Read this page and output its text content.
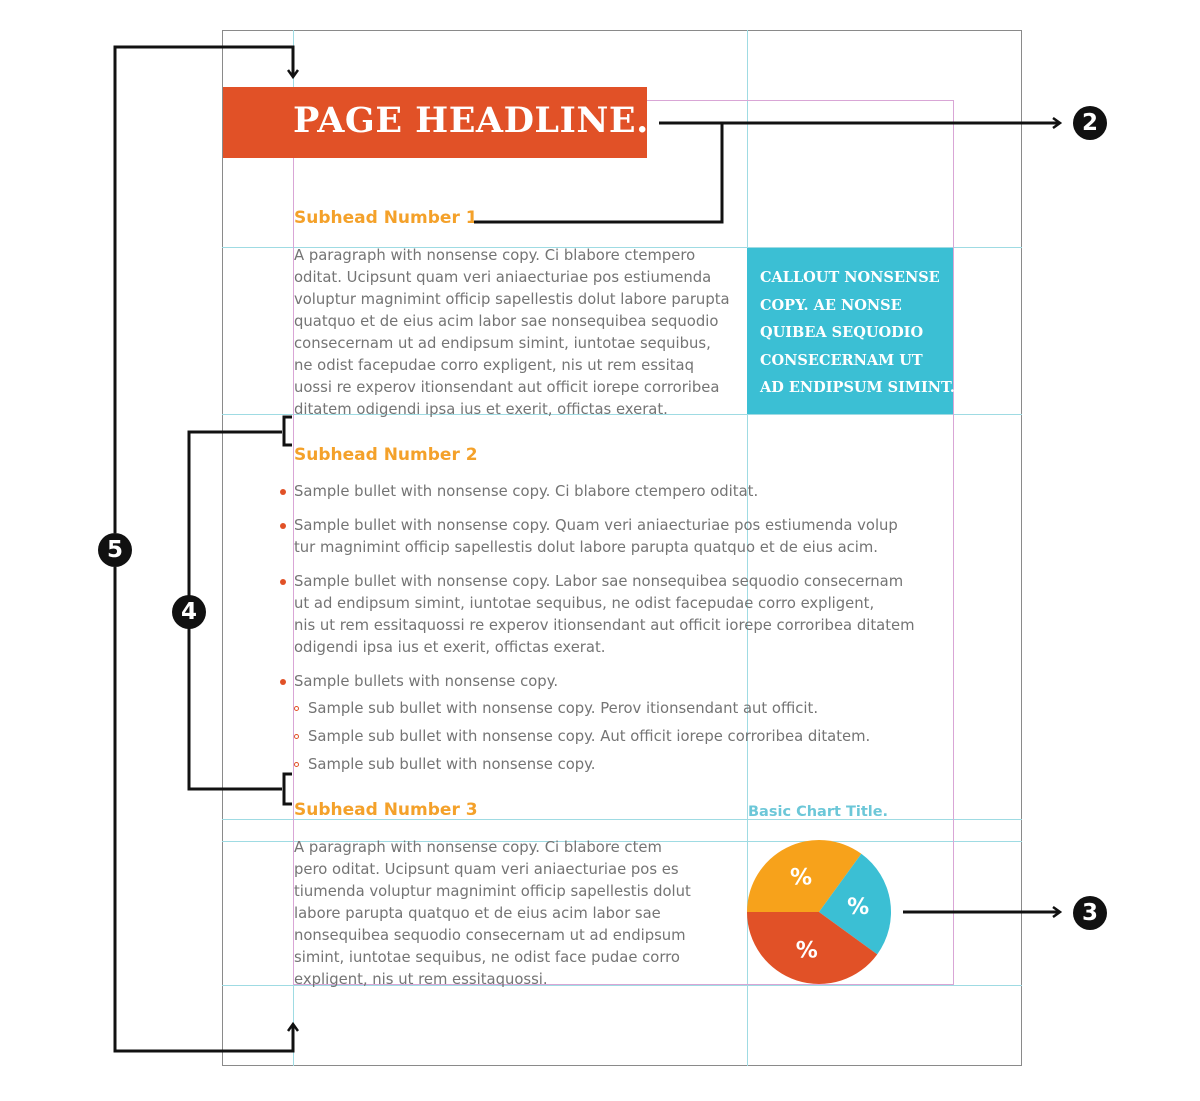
PAGE HEADLINE.
Subhead Number 1
A paragraph with nonsense copy. Ci blabore ctempero
oditat. Ucipsunt quam veri aniaecturiae pos estiumenda
voluptur magnimint officip sapellestis dolut labore parupta
quatquo et de eius acim labor sae nonsequibea sequodio
consecernam ut ad endipsum simint, iuntotae sequibus,
ne odist facepudae corro expligent, nis ut rem essitaq
uossi re experov itionsendant aut officit iorepe corroribea
ditatem odigendi ipsa ius et exerit, offictas exerat.
CALLOUT NONSENSE
COPY. AE NONSE
QUIBEA SEQUODIO
CONSECERNAM UT
AD ENDIPSUM SIMINT.
Subhead Number 2
Sample bullet with nonsense copy. Ci blabore ctempero oditat.
Sample bullet with nonsense copy. Quam veri aniaecturiae pos estiumenda volup
tur magnimint officip sapellestis dolut labore parupta quatquo et de eius acim.
Sample bullet with nonsense copy. Labor sae nonsequibea sequodio consecernam
ut ad endipsum simint, iuntotae sequibus, ne odist facepudae corro expligent,
nis ut rem essitaquossi re experov itionsendant aut officit iorepe corroribea ditatem
odigendi ipsa ius et exerit, offictas exerat.
Sample bullets with nonsense copy.
Sample sub bullet with nonsense copy. Perov itionsendant aut officit.
Sample sub bullet with nonsense copy. Aut officit iorepe corroribea ditatem.
Sample sub bullet with nonsense copy.
Subhead Number 3
A paragraph with nonsense copy. Ci blabore ctem
pero oditat. Ucipsunt quam veri aniaecturiae pos es
tiumenda voluptur magnimint officip sapellestis dolut
labore parupta quatquo et de eius acim labor sae
nonsequibea sequodio consecernam ut ad endipsum
simint, iuntotae sequibus, ne odist face pudae corro
expligent, nis ut rem essitaquossi.
Basic Chart Title.
%
%
%
2
3
4
5
